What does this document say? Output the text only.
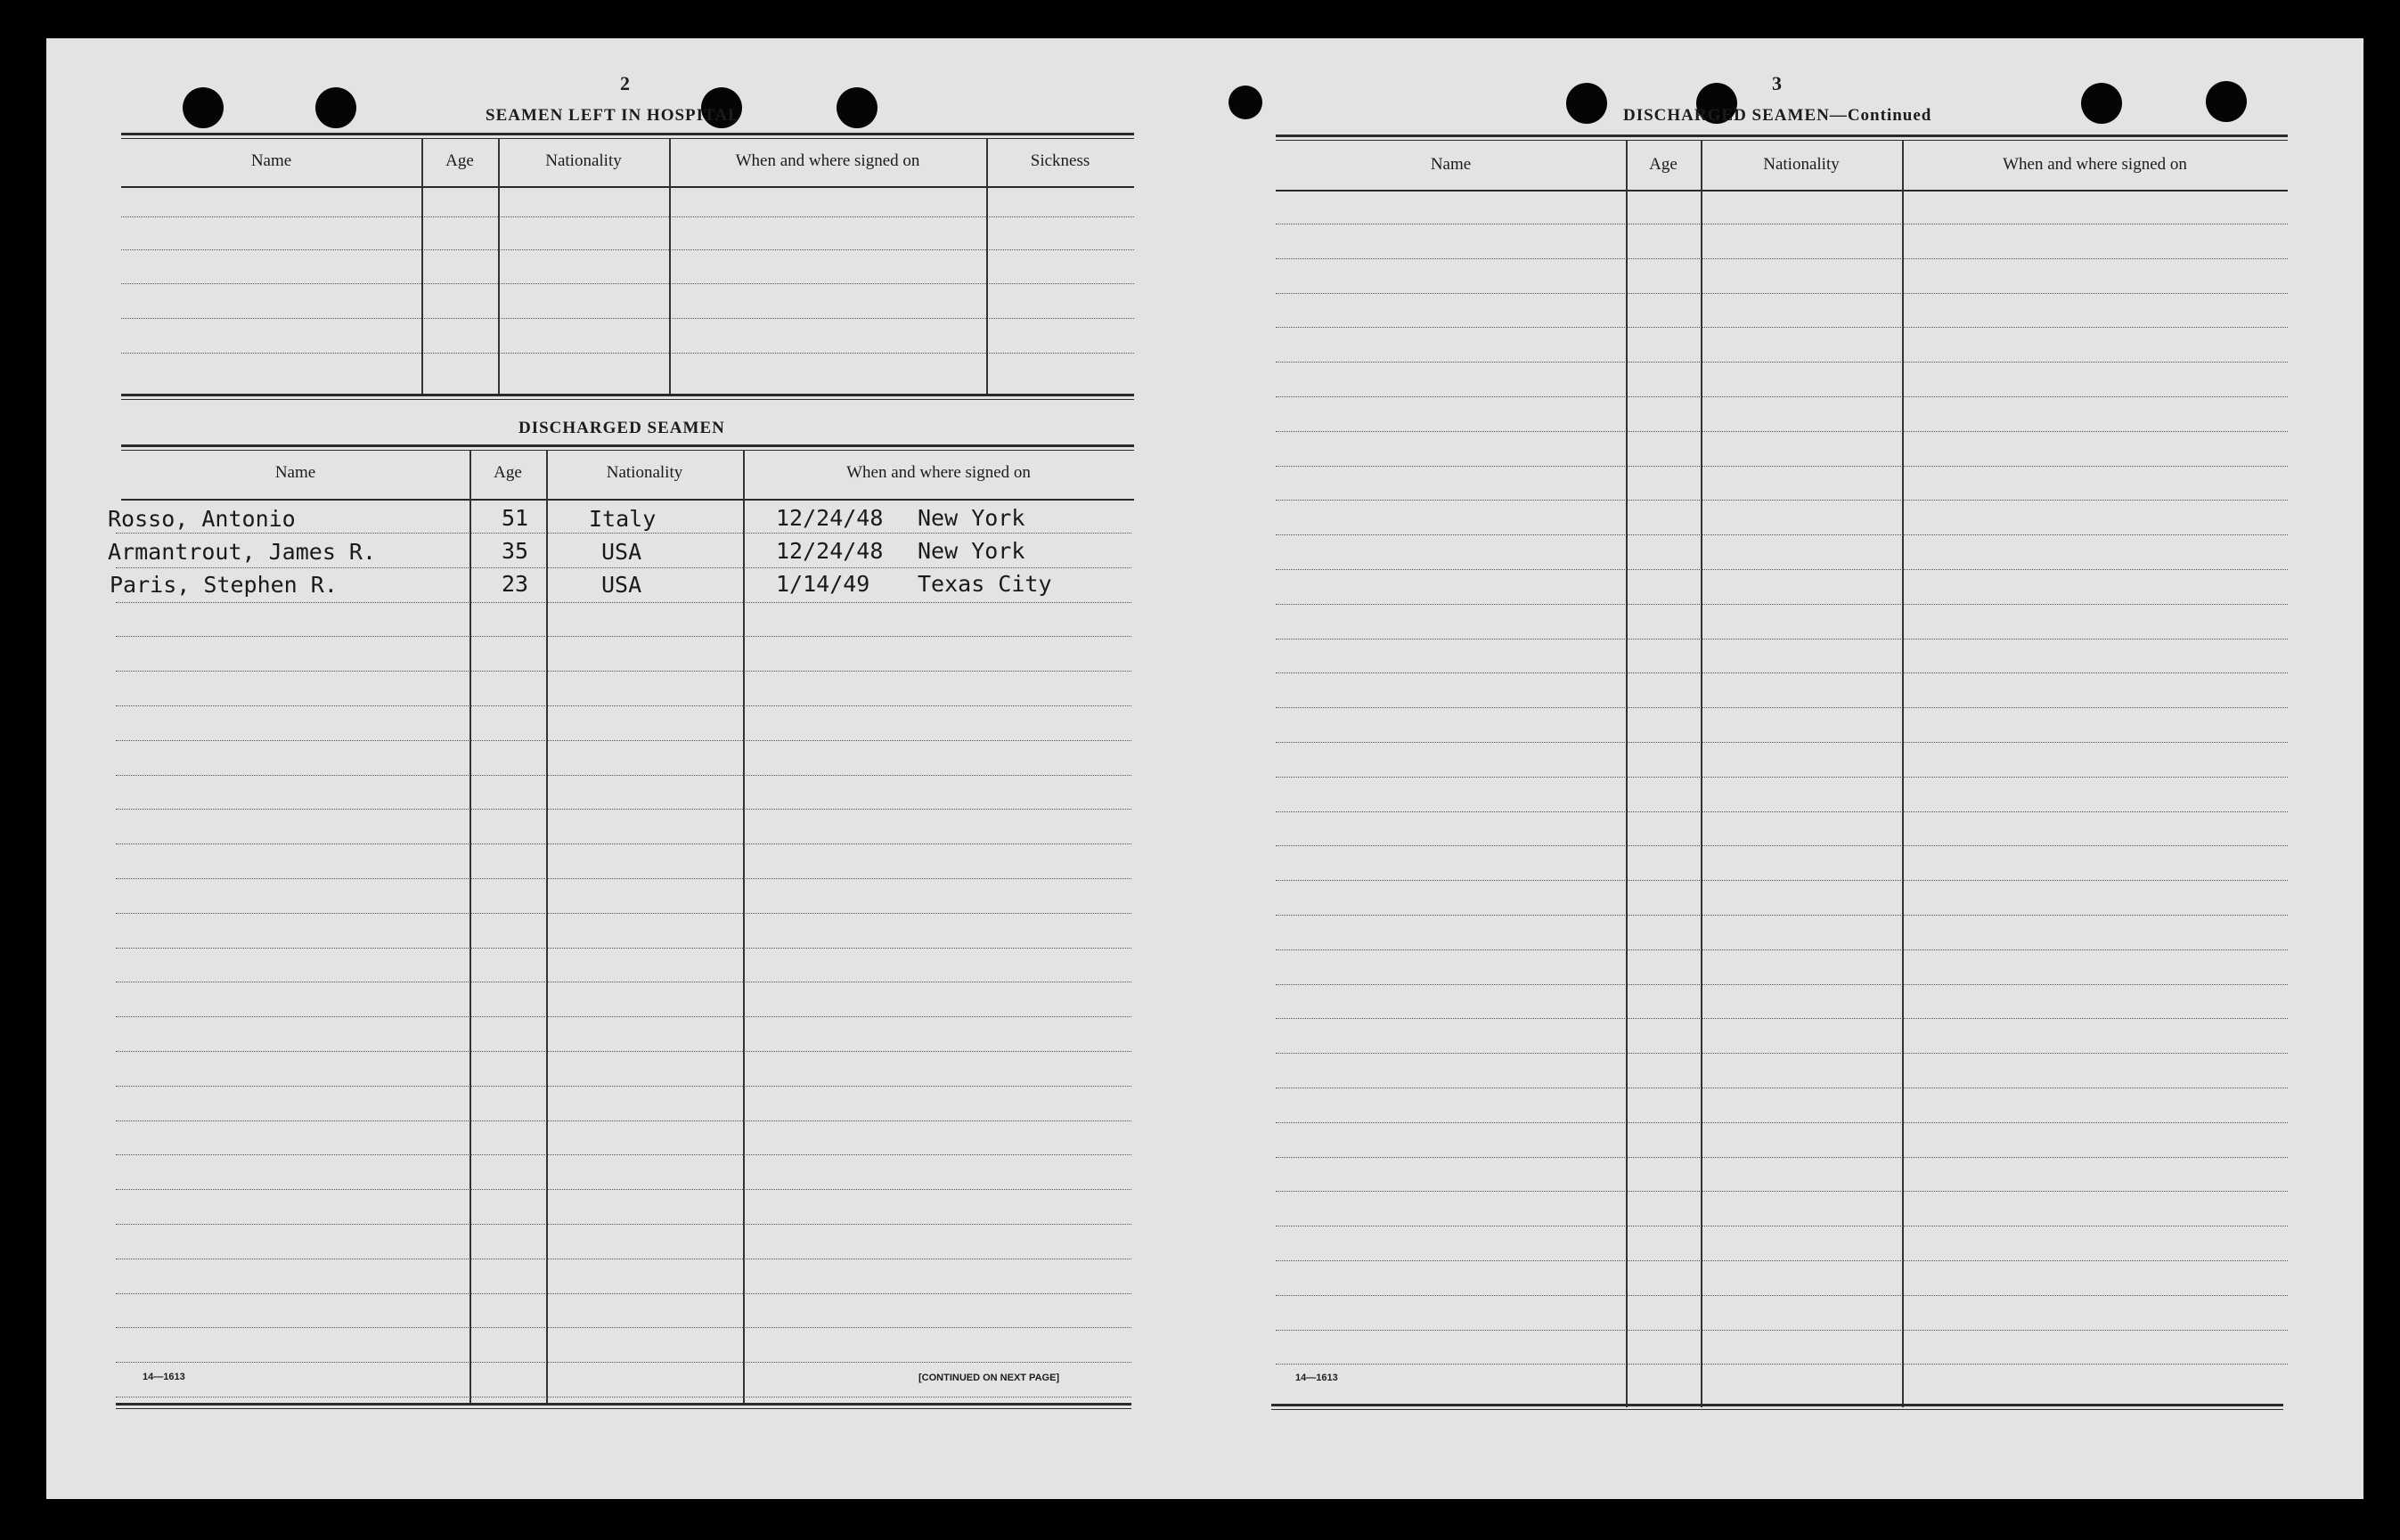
2
SEAMEN LEFT IN HOSPITAL
Name	Age	Nationality	When and where signed on	Sickness
DISCHARGED SEAMEN
Name	Age	Nationality	When and where signed on
Rosso, Antonio	51	Italy	12/24/48 New York
Armantrout, James R.	35	USA	12/24/48 New York
Paris, Stephen R.	23	USA	1/14/49 Texas City
14—1613	[CONTINUED ON NEXT PAGE]
3
DISCHARGED SEAMEN—Continued
Name	Age	Nationality	When and where signed on
14—1613
